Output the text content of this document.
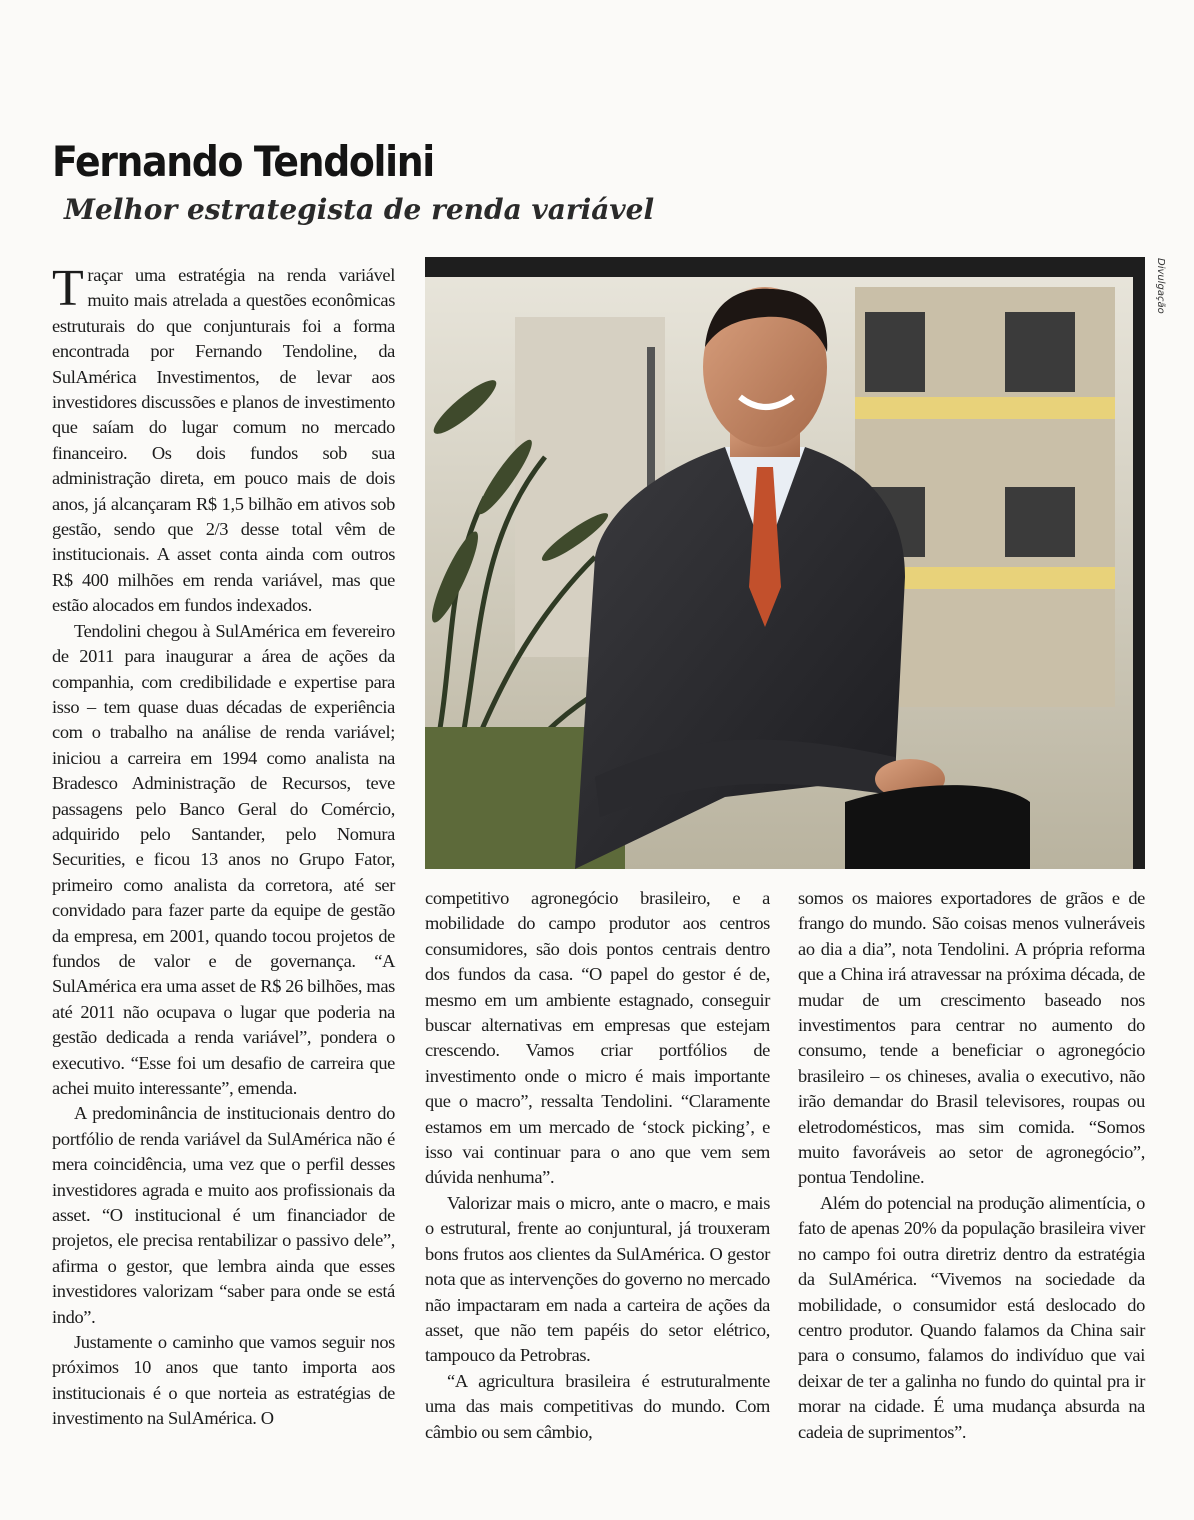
Fernando Tendolini
Melhor estrategista de renda variável
Divulgação

Traçar uma estratégia na renda variável muito mais atrelada a questões econômicas estruturais do que conjunturais foi a forma encontrada por Fernando Tendoline, da SulAmérica Investimentos, de levar aos investidores discussões e planos de investimento que saíam do lugar comum no mercado financeiro. Os dois fundos sob sua administração direta, em pouco mais de dois anos, já alcançaram R$ 1,5 bilhão em ativos sob gestão, sendo que 2/3 desse total vêm de institucionais. A asset conta ainda com outros R$ 400 milhões em renda variável, mas que estão alocados em fundos indexados.

Tendolini chegou à SulAmérica em fevereiro de 2011 para inaugurar a área de ações da companhia, com credibilidade e expertise para isso – tem quase duas décadas de experiência com o trabalho na análise de renda variável; iniciou a carreira em 1994 como analista na Bradesco Administração de Recursos, teve passagens pelo Banco Geral do Comércio, adquirido pelo Santander, pelo Nomura Securities, e ficou 13 anos no Grupo Fator, primeiro como analista da corretora, até ser convidado para fazer parte da equipe de gestão da empresa, em 2001, quando tocou projetos de fundos de valor e de governança. “A SulAmérica era uma asset de R$ 26 bilhões, mas até 2011 não ocupava o lugar que poderia na gestão dedicada a renda variável”, pondera o executivo. “Esse foi um desafio de carreira que achei muito interessante”, emenda.

A predominância de institucionais dentro do portfólio de renda variável da SulAmérica não é mera coincidência, uma vez que o perfil desses investidores agrada e muito aos profissionais da asset. “O institucional é um financiador de projetos, ele precisa rentabilizar o passivo dele”, afirma o gestor, que lembra ainda que esses investidores valorizam “saber para onde se está indo”.

Justamente o caminho que vamos seguir nos próximos 10 anos que tanto importa aos institucionais é o que norteia as estratégias de investimento na SulAmérica. O

competitivo agronegócio brasileiro, e a mobilidade do campo produtor aos centros consumidores, são dois pontos centrais dentro dos fundos da casa. “O papel do gestor é de, mesmo em um ambiente estagnado, conseguir buscar alternativas em empresas que estejam crescendo. Vamos criar portfólios de investimento onde o micro é mais importante que o macro”, ressalta Tendolini. “Claramente estamos em um mercado de ‘stock picking’, e isso vai continuar para o ano que vem sem dúvida nenhuma”.

Valorizar mais o micro, ante o macro, e mais o estrutural, frente ao conjuntural, já trouxeram bons frutos aos clientes da SulAmérica. O gestor nota que as intervenções do governo no mercado não impactaram em nada a carteira de ações da asset, que não tem papéis do setor elétrico, tampouco da Petrobras.

“A agricultura brasileira é estruturalmente uma das mais competitivas do mundo. Com câmbio ou sem câmbio,

somos os maiores exportadores de grãos e de frango do mundo. São coisas menos vulneráveis ao dia a dia”, nota Tendolini. A própria reforma que a China irá atravessar na próxima década, de mudar de um crescimento baseado nos investimentos para centrar no aumento do consumo, tende a beneficiar o agronegócio brasileiro – os chineses, avalia o executivo, não irão demandar do Brasil televisores, roupas ou eletrodomésticos, mas sim comida. “Somos muito favoráveis ao setor de agronegócio”, pontua Tendoline.

Além do potencial na produção alimentícia, o fato de apenas 20% da população brasileira viver no campo foi outra diretriz dentro da estratégia da SulAmérica. “Vivemos na sociedade da mobilidade, o consumidor está deslocado do centro produtor. Quando falamos da China sair para o consumo, falamos do indivíduo que vai deixar de ter a galinha no fundo do quintal pra ir morar na cidade. É uma mudança absurda na cadeia de suprimentos”.
